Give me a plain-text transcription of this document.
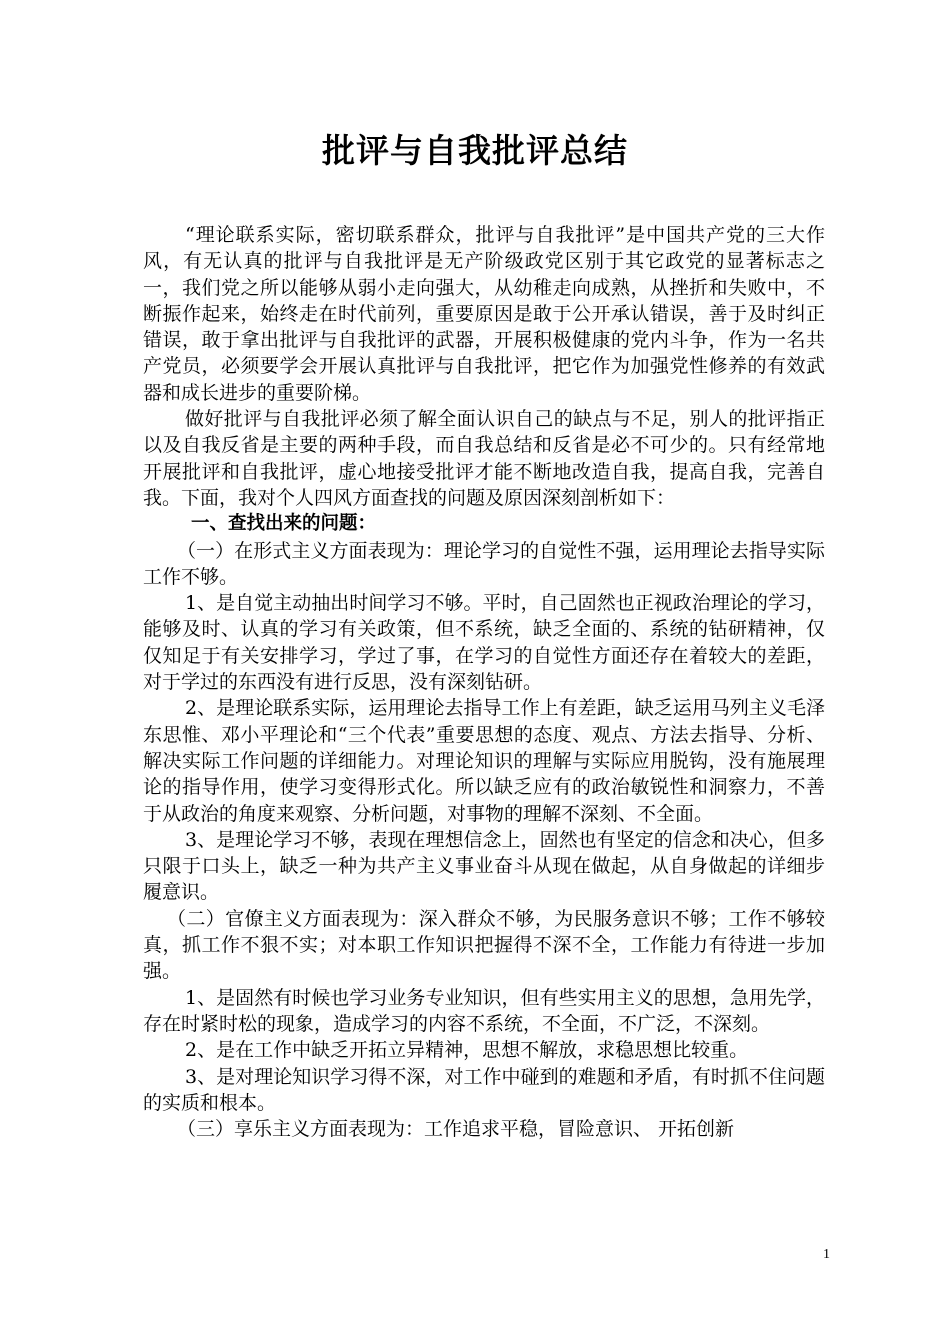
批评与自我批评总结

“理论联系实际，密切联系群众，批评与自我批评”是中国共产党的三大作风，有无认真的批评与自我批评是无产阶级政党区别于其它政党的显著标志之一，我们党之所以能够从弱小走向强大，从幼稚走向成熟，从挫折和失败中，不断振作起来，始终走在时代前列，重要原因是敢于公开承认错误，善于及时纠正错误，敢于拿出批评与自我批评的武器，开展积极健康的党内斗争，作为一名共产党员，必须要学会开展认真批评与自我批评，把它作为加强党性修养的有效武器和成长进步的重要阶梯。

做好批评与自我批评必须了解全面认识自己的缺点与不足，别人的批评指正以及自我反省是主要的两种手段，而自我总结和反省是必不可少的。只有经常地开展批评和自我批评，虚心地接受批评才能不断地改造自我，提高自我，完善自我。下面，我对个人四风方面查找的问题及原因深刻剖析如下：

一、查找出来的问题：

（一）在形式主义方面表现为：理论学习的自觉性不强，运用理论去指导实际工作不够。

1、是自觉主动抽出时间学习不够。平时，自己固然也正视政治理论的学习，能够及时、认真的学习有关政策，但不系统，缺乏全面的、系统的钻研精神，仅仅知足于有关安排学习，学过了事，在学习的自觉性方面还存在着较大的差距，对于学过的东西没有进行反思，没有深刻钻研。

2、是理论联系实际，运用理论去指导工作上有差距，缺乏运用马列主义毛泽东思惟、邓小平理论和“三个代表”重要思想的态度、观点、方法去指导、分析、解决实际工作问题的详细能力。对理论知识的理解与实际应用脱钩，没有施展理论的指导作用，使学习变得形式化。所以缺乏应有的政治敏锐性和洞察力，不善于从政治的角度来观察、分析问题，对事物的理解不深刻、不全面。

3、是理论学习不够，表现在理想信念上，固然也有坚定的信念和决心，但多只限于口头上，缺乏一种为共产主义事业奋斗从现在做起，从自身做起的详细步履意识。

（二）官僚主义方面表现为：深入群众不够，为民服务意识不够；工作不够较真，抓工作不狠不实；对本职工作知识把握得不深不全，工作能力有待进一步加强。

1、是固然有时候也学习业务专业知识，但有些实用主义的思想，急用先学，存在时紧时松的现象，造成学习的内容不系统，不全面，不广泛，不深刻。

2、是在工作中缺乏开拓立异精神，思想不解放，求稳思想比较重。

3、是对理论知识学习得不深，对工作中碰到的难题和矛盾，有时抓不住问题的实质和根本。

（三）享乐主义方面表现为：工作追求平稳，冒险意识、 开拓创新

1
